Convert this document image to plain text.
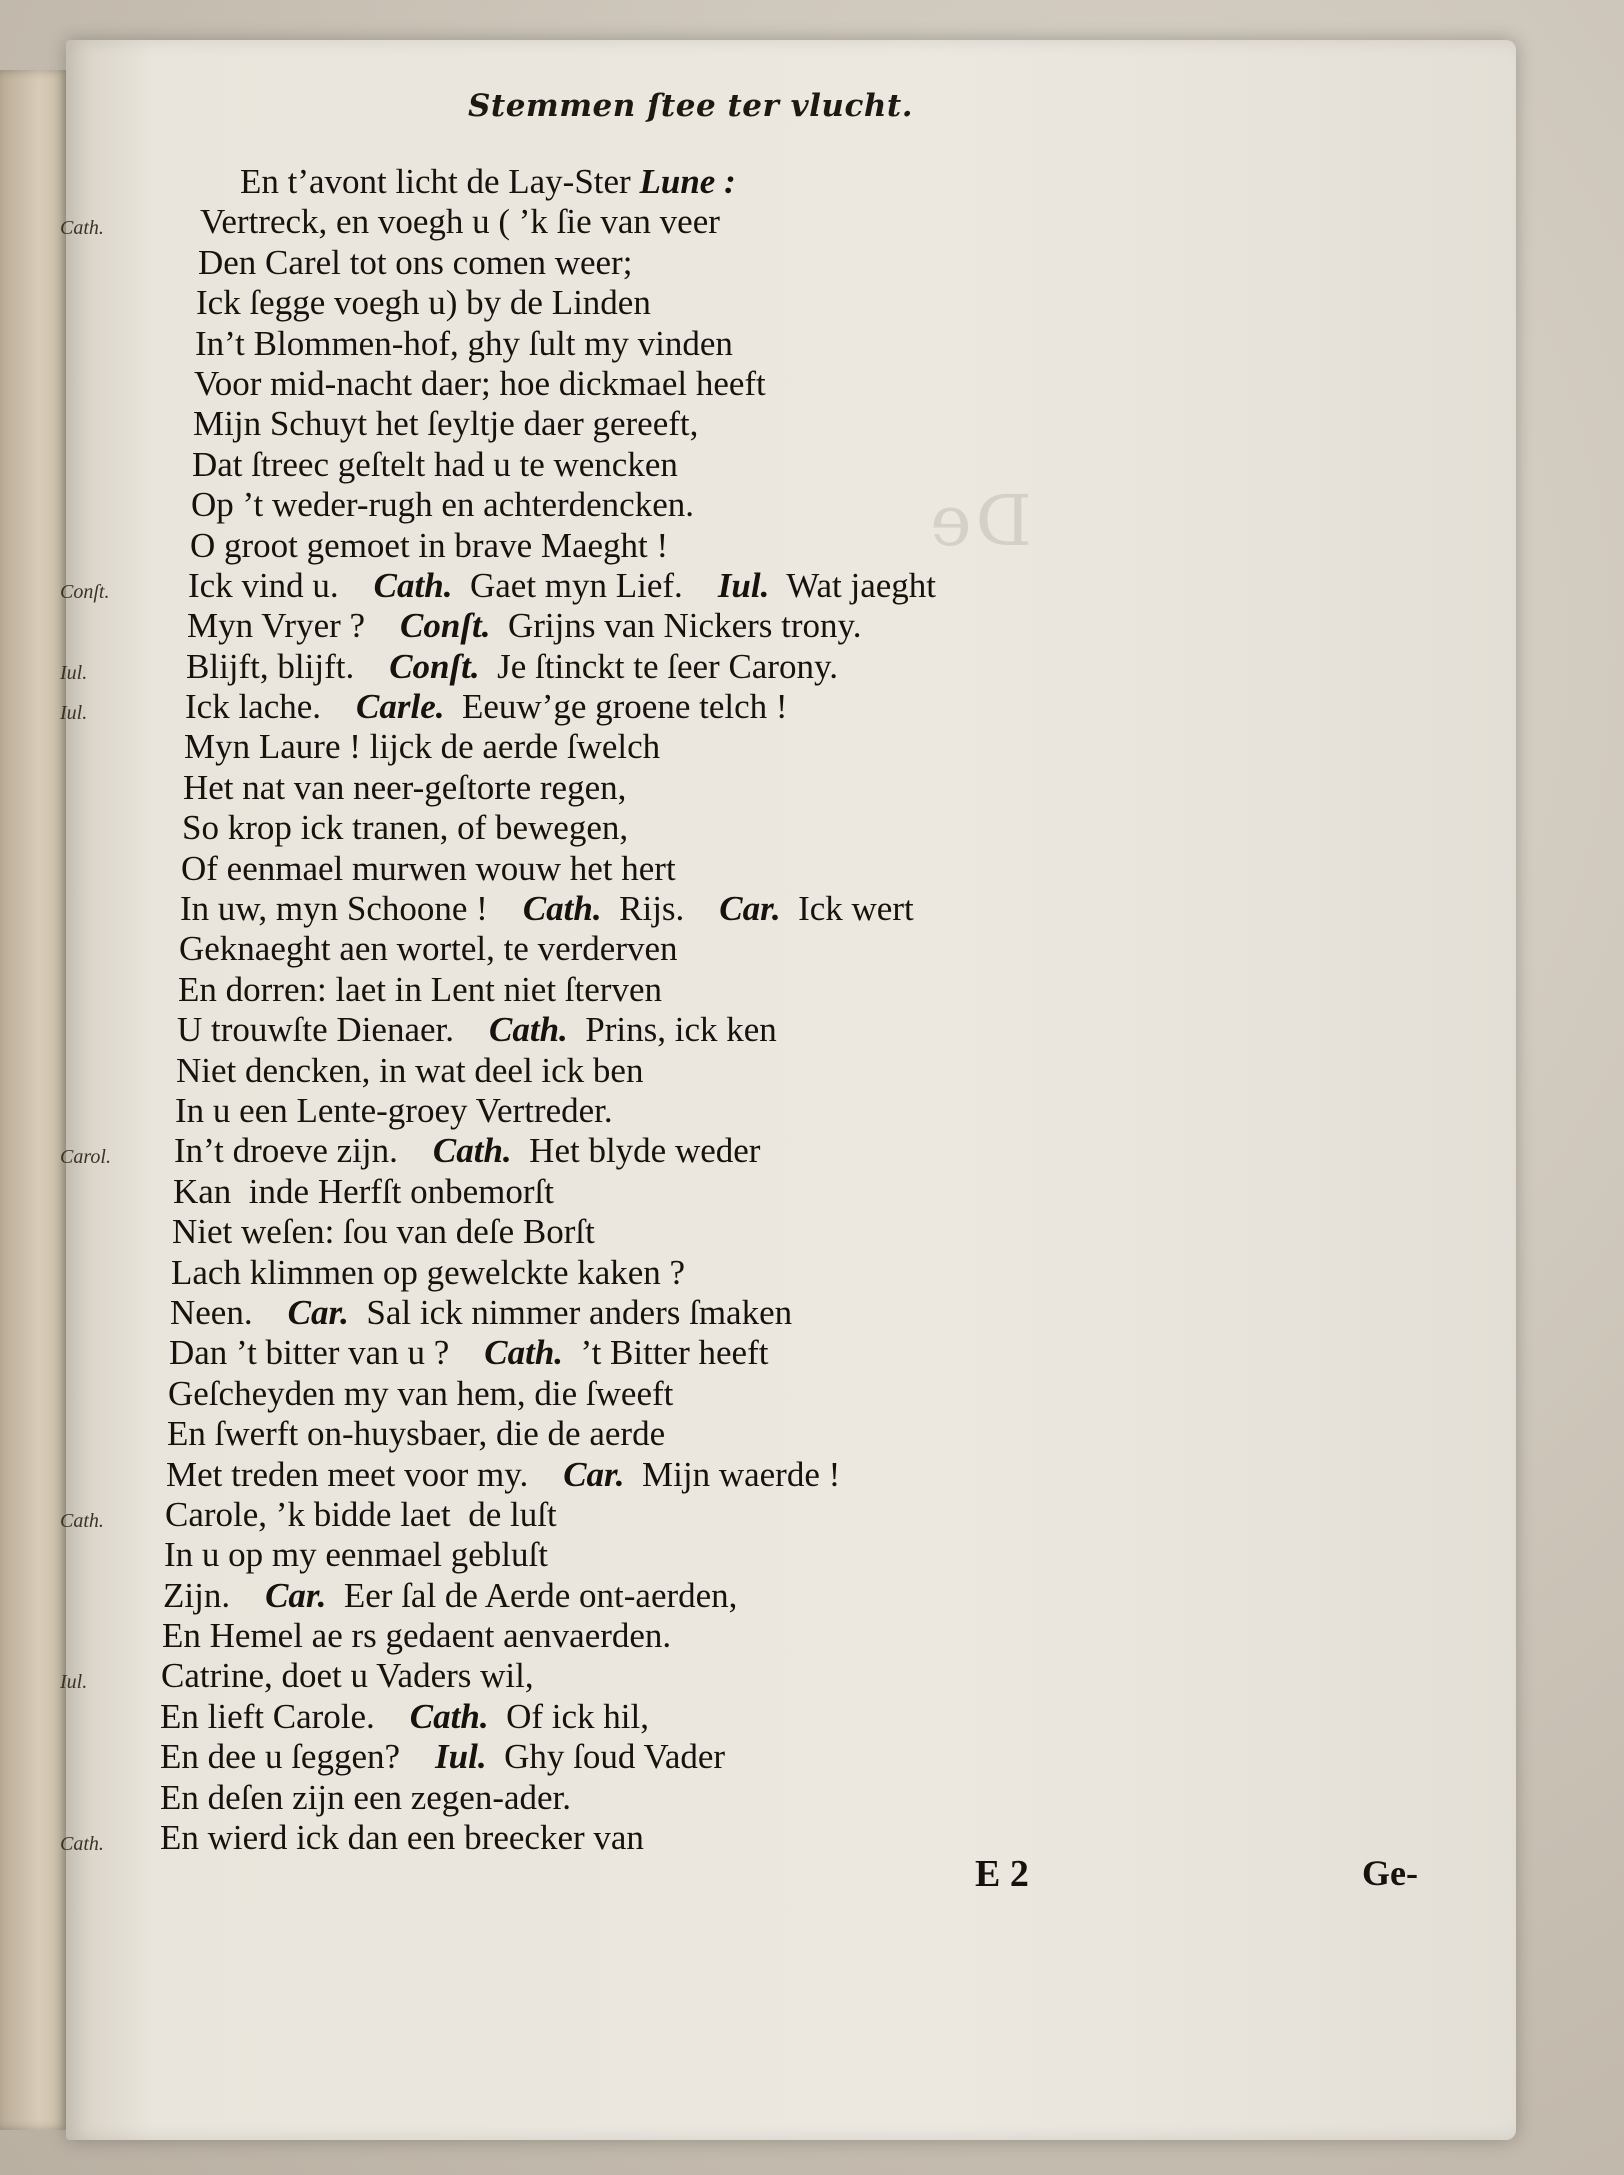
De
Stemmen ſtee ter vlucht.
En t’avont licht de Lay-Ster Lune :
Cath.	Vertreck, en voegh u ( ’k ſie van veer
Den Carel tot ons comen weer;
Ick ſegge voegh u) by de Linden
In’t Blommen-hof, ghy ſult my vinden
Voor mid-nacht daer; hoe dickmael heeft
Mijn Schuyt het ſeyltje daer gereeft,
Dat ſtreec geſtelt had u te wencken
Op ’t weder-rugh en achterdencken.
O groot gemoet in brave Maeght !
Conſt.	Ick vind u.    Cath.  Gaet myn Lief.    Iul.  Wat jaeght
Myn Vryer ?    Conſt.  Grijns van Nickers trony.
Iul.	Blijft, blijft.    Conſt.  Je ſtinckt te ſeer Carony.
Iul.	Ick lache.    Carle.  Eeuw’ge groene telch !
Myn Laure ! lijck de aerde ſwelch
Het nat van neer-geſtorte regen,
So krop ick tranen, of bewegen,
Of eenmael murwen wouw het hert
In uw, myn Schoone !    Cath.  Rijs.    Car.  Ick wert
Geknaeght aen wortel, te verderven
En dorren: laet in Lent niet ſterven
U trouwſte Dienaer.    Cath.  Prins, ick ken
Niet dencken, in wat deel ick ben
In u een Lente-groey Vertreder.
Carol.	In’t droeve zijn.    Cath.  Het blyde weder
Kan  inde Herfſt onbemorſt
Niet weſen: ſou van deſe Borſt
Lach klimmen op gewelckte kaken ?
Neen.    Car.  Sal ick nimmer anders ſmaken
Dan ’t bitter van u ?    Cath.  ’t Bitter heeft
Geſcheyden my van hem, die ſweeft
En ſwerft on-huysbaer, die de aerde
Met treden meet voor my.    Car.  Mijn waerde !
Cath.	Carole, ’k bidde laet  de luſt
In u op my eenmael gebluſt
Zijn.    Car.  Eer ſal de Aerde ont-aerden,
En Hemel ae rs gedaent aenvaerden.
Iul.	Catrine, doet u Vaders wil,
En lieft Carole.    Cath.  Of ick hil,
En dee u ſeggen?    Iul.  Ghy ſoud Vader
En deſen zijn een zegen-ader.
Cath.	En wierd ick dan een breecker van
E 2	Ge-
